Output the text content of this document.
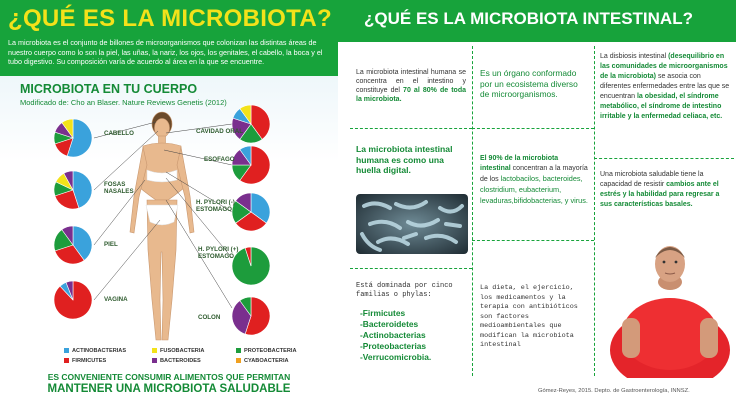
¿QUÉ ES LA MICROBIOTA?
La microbiota es el conjunto de billones de microorganismos que colonizan las distintas áreas de nuestro cuerpo como lo son la piel, las uñas, la nariz, los ojos, los genitales, el cabello, la boca y el tubo digestivo. Su composición varía de acuerdo al área en la que se encuentre.
MICROBIOTA EN TU CUERPO
Modificado de: Cho an Blaser. Nature Reviews Genetis (2012)
CABELLO
FOSAS
NASALES
PIEL
VAGINA
CAVIDAD ORAL
ESOFAGO
H. PYLORI (-)
ESTOMAGO
H. PYLORI (+)
ESTOMAGO
COLON
ACTINOBACTERIAS	FUSOBACTERIA	PROTEOBACTERIA
FIRMICUTES	BACTEROIDES	CYABOACTERIA
ES CONVENIENTE CONSUMIR ALIMENTOS QUE PERMITAN
MANTENER UNA MICROBIOTA SALUDABLE
¿QUÉ ES LA MICROBIOTA INTESTINAL?
La microbiota intestinal humana se concentra en el intestino y constituye del 70 al 80% de toda la microbiota.
La microbiota intestinal humana es como una huella digital.
Está dominada por cinco familias o phylas:
-Firmicutes
-Bacteroidetes
-Actinobacterias
-Proteobacterias
-Verrucomicrobia.
Es un órgano conformado por un ecosistema diverso de microorganismos.
El 90% de la microbiota intestinal concentran a la mayoría de los lactobacilos, bacteroides, clostridium, eubacterium, levaduras,bifidobacterias, y virus.
La dieta, el ejercicio, los medicamentos y la terapia con antibióticos son factores medioambientales que modifican la microbiota intestinal
La disbiosis intestinal (desequilibrio en las comunidades de microorganismos de la microbiota) se asocia con diferentes enfermedades entre las que se encuentran la obesidad, el síndrome metabólico, el síndrome de intestino irritable y la enfermedad celiaca, etc.
Una microbiota saludable tiene la capacidad de resistir cambios ante el estrés y la habilidad para regresar a sus características basales.
Gómez-Reyes, 2015. Depto. de Gastroenterología, INNSZ.
